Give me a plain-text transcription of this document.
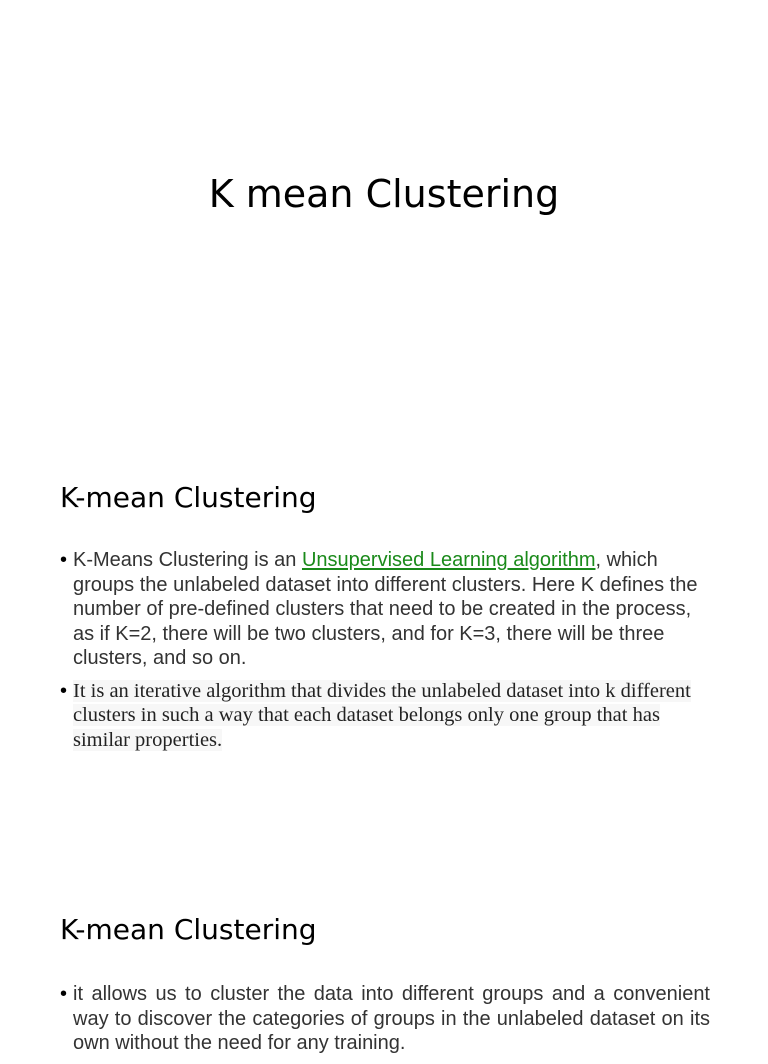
K mean Clustering
K-mean Clustering
• K-Means Clustering is an Unsupervised Learning algorithm, which groups the unlabeled dataset into different clusters. Here K defines the number of pre-defined clusters that need to be created in the process, as if K=2, there will be two clusters, and for K=3, there will be three clusters, and so on.
• It is an iterative algorithm that divides the unlabeled dataset into k different clusters in such a way that each dataset belongs only one group that has similar properties.
K-mean Clustering
• it allows us to cluster the data into different groups and a convenient way to discover the categories of groups in the unlabeled dataset on its own without the need for any training.
